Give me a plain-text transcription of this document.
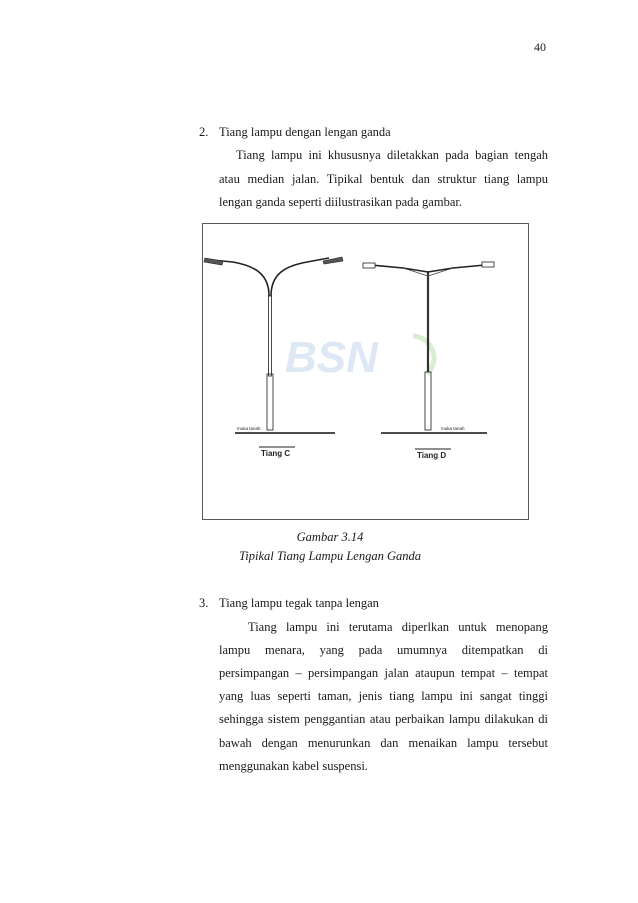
40
2. Tiang lampu dengan lengan ganda
Tiang lampu ini khususnya diletakkan pada bagian tengah
atau median jalan. Tipikal bentuk dan struktur tiang lampu
lengan ganda seperti diilustrasikan pada gambar.
BSN
muka tanah	muka tanah
Tiang C	Tiang D
Gambar 3.14
Tipikal Tiang Lampu Lengan Ganda
3. Tiang lampu tegak tanpa lengan
Tiang lampu ini terutama diperlkan untuk menopang
lampu menara, yang pada umumnya ditempatkan di
persimpangan – persimpangan jalan ataupun tempat – tempat
yang luas seperti taman, jenis tiang lampu ini sangat tinggi
sehingga sistem penggantian atau perbaikan lampu dilakukan di
bawah dengan menurunkan dan menaikan lampu tersebut
menggunakan kabel suspensi.
